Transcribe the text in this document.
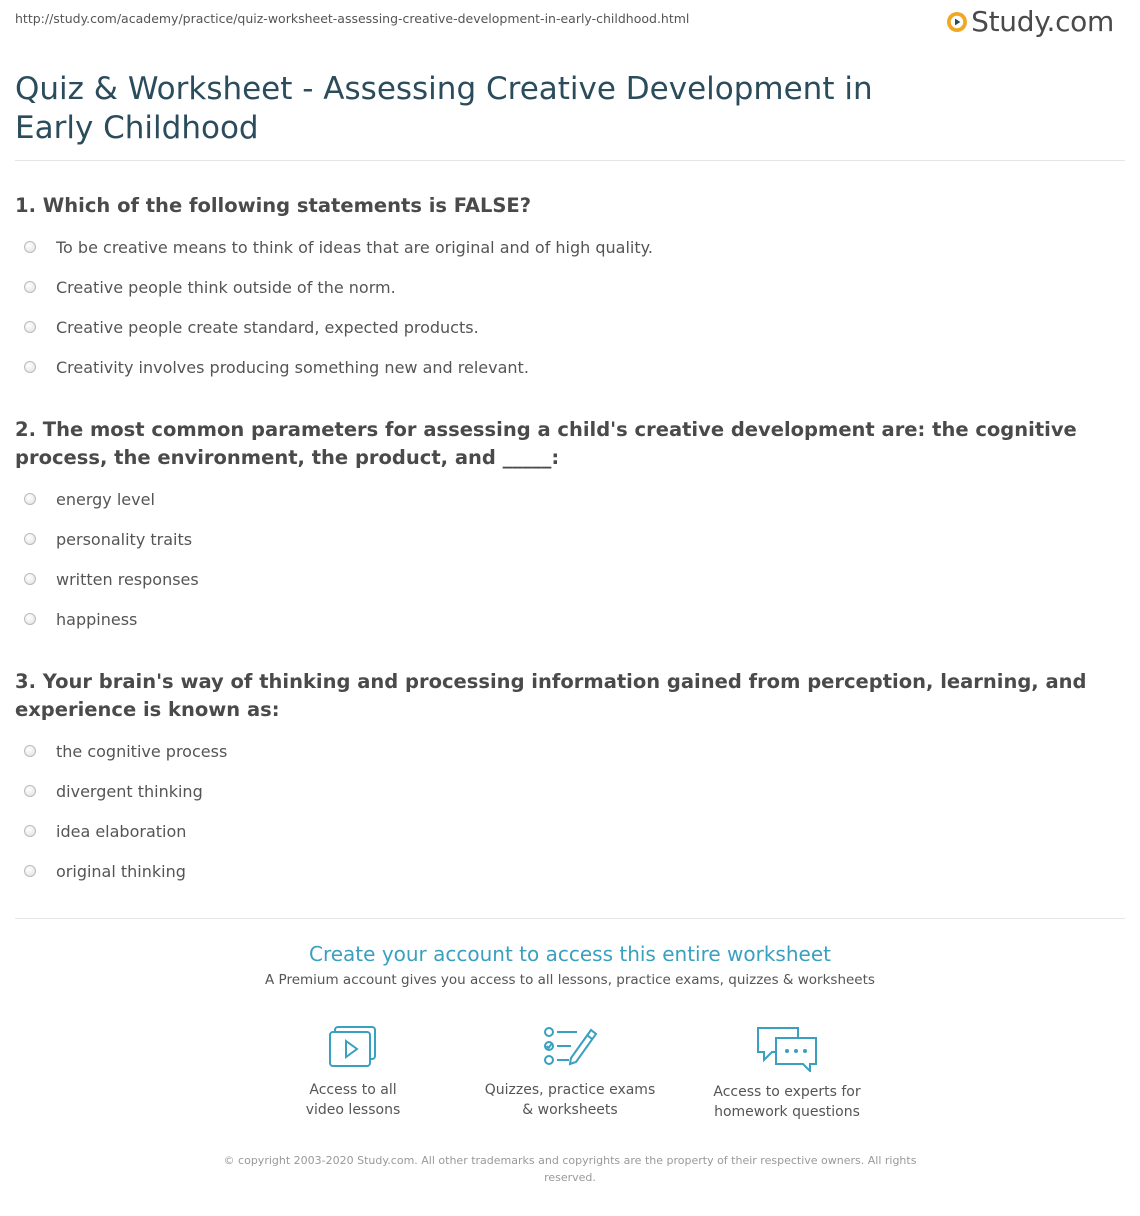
http://study.com/academy/practice/quiz-worksheet-assessing-creative-development-in-early-childhood.html	Study.com
Quiz & Worksheet - Assessing Creative Development in Early Childhood

1. Which of the following statements is FALSE?

To be creative means to think of ideas that are original and of high quality.
Creative people think outside of the norm.
Creative people create standard, expected products.
Creativity involves producing something new and relevant.

2. The most common parameters for assessing a child's creative development are: the cognitive process, the environment, the product, and _____:

energy level
personality traits
written responses
happiness

3. Your brain's way of thinking and processing information gained from perception, learning, and experience is known as:

the cognitive process
divergent thinking
idea elaboration
original thinking
Create your account to access this entire worksheet
A Premium account gives you access to all lessons, practice exams, quizzes & worksheets
Access to all
video lessons
Quizzes, practice exams
& worksheets
Access to experts for
homework questions
© copyright 2003-2020 Study.com. All other trademarks and copyrights are the property of their respective owners. All rights reserved.
